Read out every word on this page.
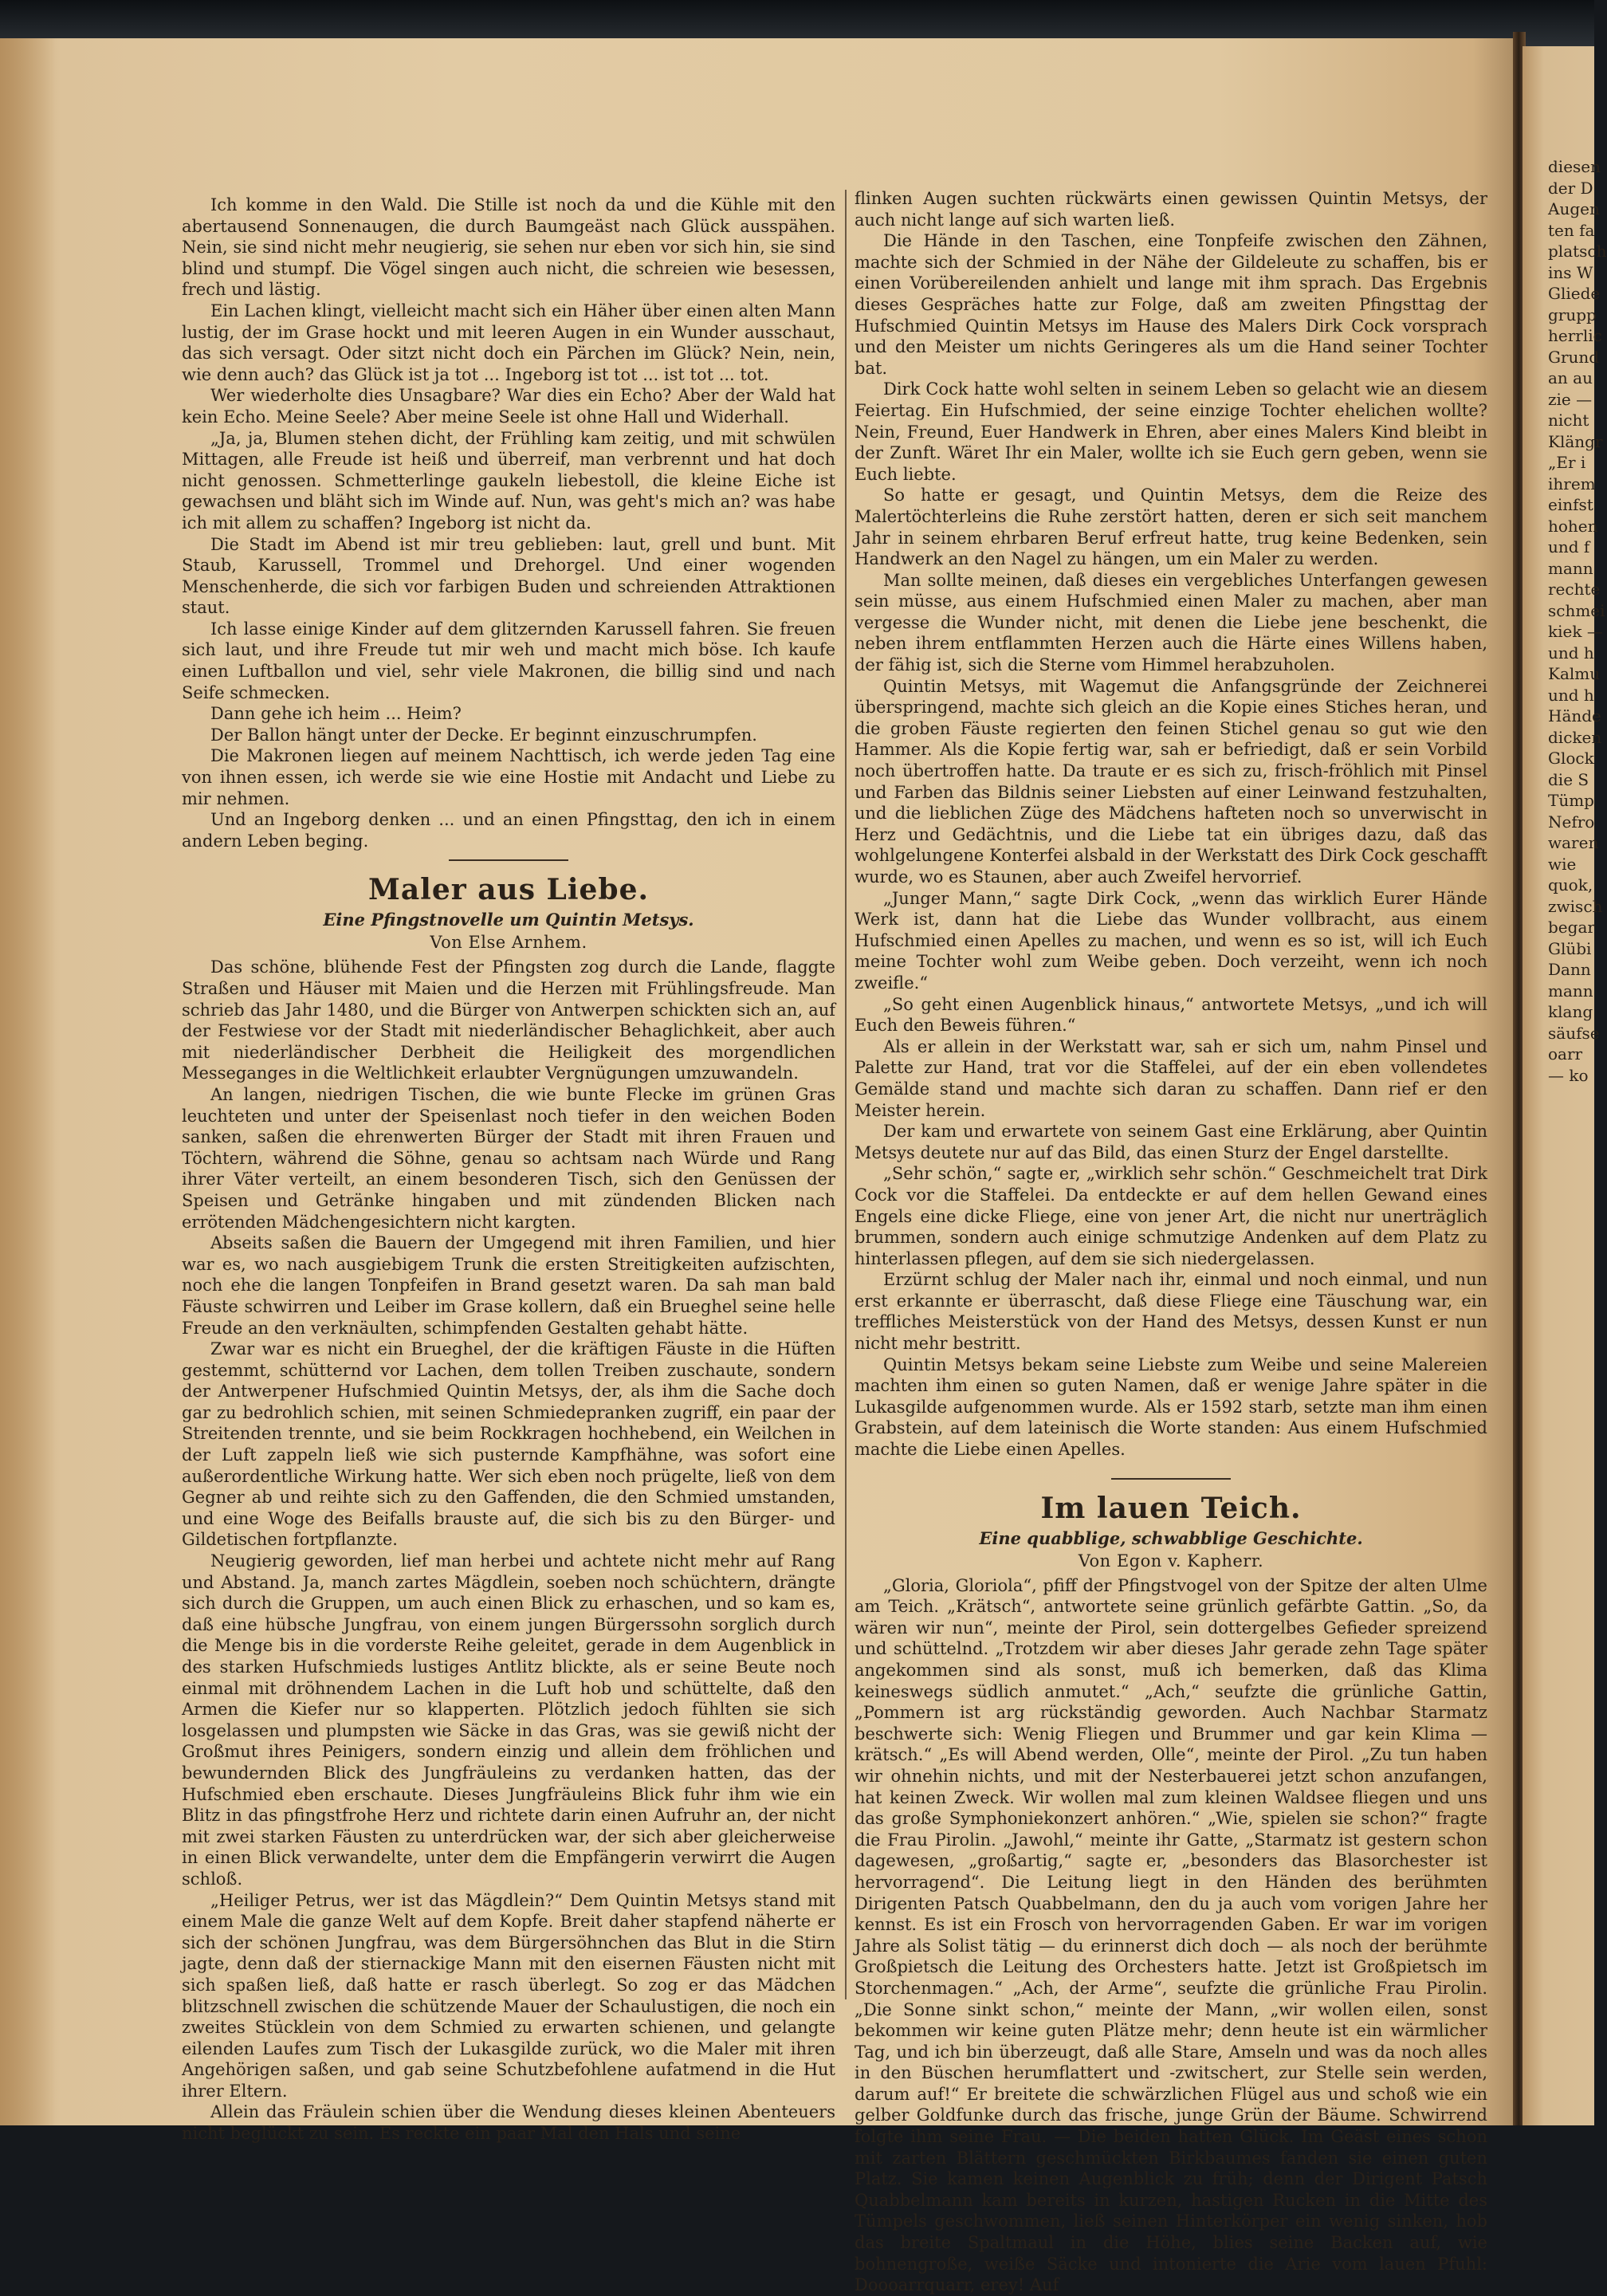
Ich komme in den Wald. Die Stille ist noch da und die Kühle mit den abertausend Sonnenaugen, die durch Baumgeäst nach Glück ausspähen. Nein, sie sind nicht mehr neugierig, sie sehen nur eben vor sich hin, sie sind blind und stumpf. Die Vögel singen auch nicht, die schreien wie besessen, frech und lästig.

Ein Lachen klingt, vielleicht macht sich ein Häher über einen alten Mann lustig, der im Grase hockt und mit leeren Augen in ein Wunder ausschaut, das sich versagt. Oder sitzt nicht doch ein Pärchen im Glück? Nein, nein, wie denn auch? das Glück ist ja tot ... Ingeborg ist tot ... ist tot ... tot.

Wer wiederholte dies Unsagbare? War dies ein Echo? Aber der Wald hat kein Echo. Meine Seele? Aber meine Seele ist ohne Hall und Widerhall.

„Ja, ja, Blumen stehen dicht, der Frühling kam zeitig, und mit schwülen Mittagen, alle Freude ist heiß und überreif, man verbrennt und hat doch nicht genossen. Schmetterlinge gaukeln liebestoll, die kleine Eiche ist gewachsen und bläht sich im Winde auf. Nun, was geht's mich an? was habe ich mit allem zu schaffen? Ingeborg ist nicht da.

Die Stadt im Abend ist mir treu geblieben: laut, grell und bunt. Mit Staub, Karussell, Trommel und Drehorgel. Und einer wogenden Menschenherde, die sich vor farbigen Buden und schreienden Attraktionen staut.

Ich lasse einige Kinder auf dem glitzernden Karussell fahren. Sie freuen sich laut, und ihre Freude tut mir weh und macht mich böse. Ich kaufe einen Luftballon und viel, sehr viele Makronen, die billig sind und nach Seife schmecken.

Dann gehe ich heim ... Heim?

Der Ballon hängt unter der Decke. Er beginnt einzuschrumpfen.

Die Makronen liegen auf meinem Nachttisch, ich werde jeden Tag eine von ihnen essen, ich werde sie wie eine Hostie mit Andacht und Liebe zu mir nehmen.

Und an Ingeborg denken ... und an einen Pfingsttag, den ich in einem andern Leben beging.

Maler aus Liebe.
Eine Pfingstnovelle um Quintin Metsys.
Von Else Arnhem.

Das schöne, blühende Fest der Pfingsten zog durch die Lande, flaggte Straßen und Häuser mit Maien und die Herzen mit Frühlingsfreude. Man schrieb das Jahr 1480, und die Bürger von Antwerpen schickten sich an, auf der Festwiese vor der Stadt mit niederländischer Behaglichkeit, aber auch mit niederländischer Derbheit die Heiligkeit des morgendlichen Messeganges in die Weltlichkeit erlaubter Vergnügungen umzuwandeln.

An langen, niedrigen Tischen, die wie bunte Flecke im grünen Gras leuchteten und unter der Speisenlast noch tiefer in den weichen Boden sanken, saßen die ehrenwerten Bürger der Stadt mit ihren Frauen und Töchtern, während die Söhne, genau so achtsam nach Würde und Rang ihrer Väter verteilt, an einem besonderen Tisch, sich den Genüssen der Speisen und Getränke hingaben und mit zündenden Blicken nach errötenden Mädchengesichtern nicht kargten.

Abseits saßen die Bauern der Umgegend mit ihren Familien, und hier war es, wo nach ausgiebigem Trunk die ersten Streitigkeiten aufzischten, noch ehe die langen Tonpfeifen in Brand gesetzt waren. Da sah man bald Fäuste schwirren und Leiber im Grase kollern, daß ein Brueghel seine helle Freude an den verknäulten, schimpfenden Gestalten gehabt hätte.

Zwar war es nicht ein Brueghel, der die kräftigen Fäuste in die Hüften gestemmt, schütternd vor Lachen, dem tollen Treiben zuschaute, sondern der Antwerpener Hufschmied Quintin Metsys, der, als ihm die Sache doch gar zu bedrohlich schien, mit seinen Schmiedepranken zugriff, ein paar der Streitenden trennte, und sie beim Rockkragen hochhebend, ein Weilchen in der Luft zappeln ließ wie sich pusternde Kampfhähne, was sofort eine außerordentliche Wirkung hatte. Wer sich eben noch prügelte, ließ von dem Gegner ab und reihte sich zu den Gaffenden, die den Schmied umstanden, und eine Woge des Beifalls brauste auf, die sich bis zu den Bürger- und Gildetischen fortpflanzte.

Neugierig geworden, lief man herbei und achtete nicht mehr auf Rang und Abstand. Ja, manch zartes Mägdlein, soeben noch schüchtern, drängte sich durch die Gruppen, um auch einen Blick zu erhaschen, und so kam es, daß eine hübsche Jungfrau, von einem jungen Bürgerssohn sorglich durch die Menge bis in die vorderste Reihe geleitet, gerade in dem Augenblick in des starken Hufschmieds lustiges Antlitz blickte, als er seine Beute noch einmal mit dröhnendem Lachen in die Luft hob und schüttelte, daß den Armen die Kiefer nur so klapperten. Plötzlich jedoch fühlten sie sich losgelassen und plumpsten wie Säcke in das Gras, was sie gewiß nicht der Großmut ihres Peinigers, sondern einzig und allein dem fröhlichen und bewundernden Blick des Jungfräuleins zu verdanken hatten, das der Hufschmied eben erschaute. Dieses Jungfräuleins Blick fuhr ihm wie ein Blitz in das pfingstfrohe Herz und richtete darin einen Aufruhr an, der nicht mit zwei starken Fäusten zu unterdrücken war, der sich aber gleicherweise in einen Blick verwandelte, unter dem die Empfängerin verwirrt die Augen schloß.

„Heiliger Petrus, wer ist das Mägdlein?“ Dem Quintin Metsys stand mit einem Male die ganze Welt auf dem Kopfe. Breit daher stapfend näherte er sich der schönen Jungfrau, was dem Bürgersöhnchen das Blut in die Stirn jagte, denn daß der stiernackige Mann mit den eisernen Fäusten nicht mit sich spaßen ließ, daß hatte er rasch überlegt. So zog er das Mädchen blitzschnell zwischen die schützende Mauer der Schaulustigen, die noch ein zweites Stücklein von dem Schmied zu erwarten schienen, und gelangte eilenden Laufes zum Tisch der Lukasgilde zurück, wo die Maler mit ihren Angehörigen saßen, und gab seine Schutzbefohlene aufatmend in die Hut ihrer Eltern.

Allein das Fräulein schien über die Wendung dieses kleinen Abenteuers nicht beglückt zu sein. Es reckte ein paar Mal den Hals und seine

flinken Augen suchten rückwärts einen gewissen Quintin Metsys, der auch nicht lange auf sich warten ließ.

Die Hände in den Taschen, eine Tonpfeife zwischen den Zähnen, machte sich der Schmied in der Nähe der Gildeleute zu schaffen, bis er einen Vorübereilenden anhielt und lange mit ihm sprach. Das Ergebnis dieses Gespräches hatte zur Folge, daß am zweiten Pfingsttag der Hufschmied Quintin Metsys im Hause des Malers Dirk Cock vorsprach und den Meister um nichts Geringeres als um die Hand seiner Tochter bat.

Dirk Cock hatte wohl selten in seinem Leben so gelacht wie an diesem Feiertag. Ein Hufschmied, der seine einzige Tochter ehelichen wollte? Nein, Freund, Euer Handwerk in Ehren, aber eines Malers Kind bleibt in der Zunft. Wäret Ihr ein Maler, wollte ich sie Euch gern geben, wenn sie Euch liebte.

So hatte er gesagt, und Quintin Metsys, dem die Reize des Malertöchterleins die Ruhe zerstört hatten, deren er sich seit manchem Jahr in seinem ehrbaren Beruf erfreut hatte, trug keine Bedenken, sein Handwerk an den Nagel zu hängen, um ein Maler zu werden.

Man sollte meinen, daß dieses ein vergebliches Unterfangen gewesen sein müsse, aus einem Hufschmied einen Maler zu machen, aber man vergesse die Wunder nicht, mit denen die Liebe jene beschenkt, die neben ihrem entflammten Herzen auch die Härte eines Willens haben, der fähig ist, sich die Sterne vom Himmel herabzuholen.

Quintin Metsys, mit Wagemut die Anfangsgründe der Zeichnerei überspringend, machte sich gleich an die Kopie eines Stiches heran, und die groben Fäuste regierten den feinen Stichel genau so gut wie den Hammer. Als die Kopie fertig war, sah er befriedigt, daß er sein Vorbild noch übertroffen hatte. Da traute er es sich zu, frisch-fröhlich mit Pinsel und Farben das Bildnis seiner Liebsten auf einer Leinwand festzuhalten, und die lieblichen Züge des Mädchens hafteten noch so unverwischt in Herz und Gedächtnis, und die Liebe tat ein übriges dazu, daß das wohlgelungene Konterfei alsbald in der Werkstatt des Dirk Cock geschafft wurde, wo es Staunen, aber auch Zweifel hervorrief.

„Junger Mann,“ sagte Dirk Cock, „wenn das wirklich Eurer Hände Werk ist, dann hat die Liebe das Wunder vollbracht, aus einem Hufschmied einen Apelles zu machen, und wenn es so ist, will ich Euch meine Tochter wohl zum Weibe geben. Doch verzeiht, wenn ich noch zweifle.“

„So geht einen Augenblick hinaus,“ antwortete Metsys, „und ich will Euch den Beweis führen.“

Als er allein in der Werkstatt war, sah er sich um, nahm Pinsel und Palette zur Hand, trat vor die Staffelei, auf der ein eben vollendetes Gemälde stand und machte sich daran zu schaffen. Dann rief er den Meister herein.

Der kam und erwartete von seinem Gast eine Erklärung, aber Quintin Metsys deutete nur auf das Bild, das einen Sturz der Engel darstellte.

„Sehr schön,“ sagte er, „wirklich sehr schön.“ Geschmeichelt trat Dirk Cock vor die Staffelei. Da entdeckte er auf dem hellen Gewand eines Engels eine dicke Fliege, eine von jener Art, die nicht nur unerträglich brummen, sondern auch einige schmutzige Andenken auf dem Platz zu hinterlassen pflegen, auf dem sie sich niedergelassen.

Erzürnt schlug der Maler nach ihr, einmal und noch einmal, und nun erst erkannte er überrascht, daß diese Fliege eine Täuschung war, ein treffliches Meisterstück von der Hand des Metsys, dessen Kunst er nun nicht mehr bestritt.

Quintin Metsys bekam seine Liebste zum Weibe und seine Malereien machten ihm einen so guten Namen, daß er wenige Jahre später in die Lukasgilde aufgenommen wurde. Als er 1592 starb, setzte man ihm einen Grabstein, auf dem lateinisch die Worte standen: Aus einem Hufschmied machte die Liebe einen Apelles.

Im lauen Teich.
Eine quabblige, schwabblige Geschichte.
Von Egon v. Kapherr.

„Gloria, Gloriola“, pfiff der Pfingstvogel von der Spitze der alten Ulme am Teich. „Krätsch“, antwortete seine grünlich gefärbte Gattin. „So, da wären wir nun“, meinte der Pirol, sein dottergelbes Gefieder spreizend und schüttelnd. „Trotzdem wir aber dieses Jahr gerade zehn Tage später angekommen sind als sonst, muß ich bemerken, daß das Klima keineswegs südlich anmutet.“ „Ach,“ seufzte die grünliche Gattin, „Pommern ist arg rückständig geworden. Auch Nachbar Starmatz beschwerte sich: Wenig Fliegen und Brummer und gar kein Klima — krätsch.“ „Es will Abend werden, Olle“, meinte der Pirol. „Zu tun haben wir ohnehin nichts, und mit der Nesterbauerei jetzt schon anzufangen, hat keinen Zweck. Wir wollen mal zum kleinen Waldsee fliegen und uns das große Symphoniekonzert anhören.“ „Wie, spielen sie schon?“ fragte die Frau Pirolin. „Jawohl,“ meinte ihr Gatte, „Starmatz ist gestern schon dagewesen, „großartig,“ sagte er, „besonders das Blasorchester ist hervorragend“. Die Leitung liegt in den Händen des berühmten Dirigenten Patsch Quabbelmann, den du ja auch vom vorigen Jahre her kennst. Es ist ein Frosch von hervorragenden Gaben. Er war im vorigen Jahre als Solist tätig — du erinnerst dich doch — als noch der berühmte Großpietsch die Leitung des Orchesters hatte. Jetzt ist Großpietsch im Storchenmagen.“ „Ach, der Arme“, seufzte die grünliche Frau Pirolin. „Die Sonne sinkt schon,“ meinte der Mann, „wir wollen eilen, sonst bekommen wir keine guten Plätze mehr; denn heute ist ein wärmlicher Tag, und ich bin überzeugt, daß alle Stare, Amseln und was da noch alles in den Büschen herumflattert und -zwitschert, zur Stelle sein werden, darum auf!“ Er breitete die schwärzlichen Flügel aus und schoß wie ein gelber Goldfunke durch das frische, junge Grün der Bäume. Schwirrend folgte ihm seine Frau. — Die beiden hatten Glück. Im Geäst eines schon mit zarten Blättern geschmückten Birkbaumes fanden sie einen guten Platz. Sie kamen keinen Augenblick zu früh; denn der Dirigent Patsch Quabbelmann kam bereits in kurzen, hastigen Rucken in die Mitte des Tümpels geschwommen, ließ seinen Hinterkörper ein wenig sinken, hob das breite Spaltmaul in die Höhe, blies seine Backen auf, wie bohnengroße, weiße Säcke und intonierte die Arie vom lauen Pfuhl: Doooarrquarr, erey! Auf

diesen
der D
Augen
ten fa
platsch
ins W
Gliede
grupp
herrlic
Grund
an au
zie —
nicht
Klängr
„Er i
ihrem
einfst
hohen
und f
mann
rechte
schmei
kiek —
und h
Kalmu
und h
Hände
dicken
Glock
die S
Tümp
Nefro
waren
wie
quok,
zwisch
begar
Glübi
Dann
mann
klang
säufse
oarr
— ko
